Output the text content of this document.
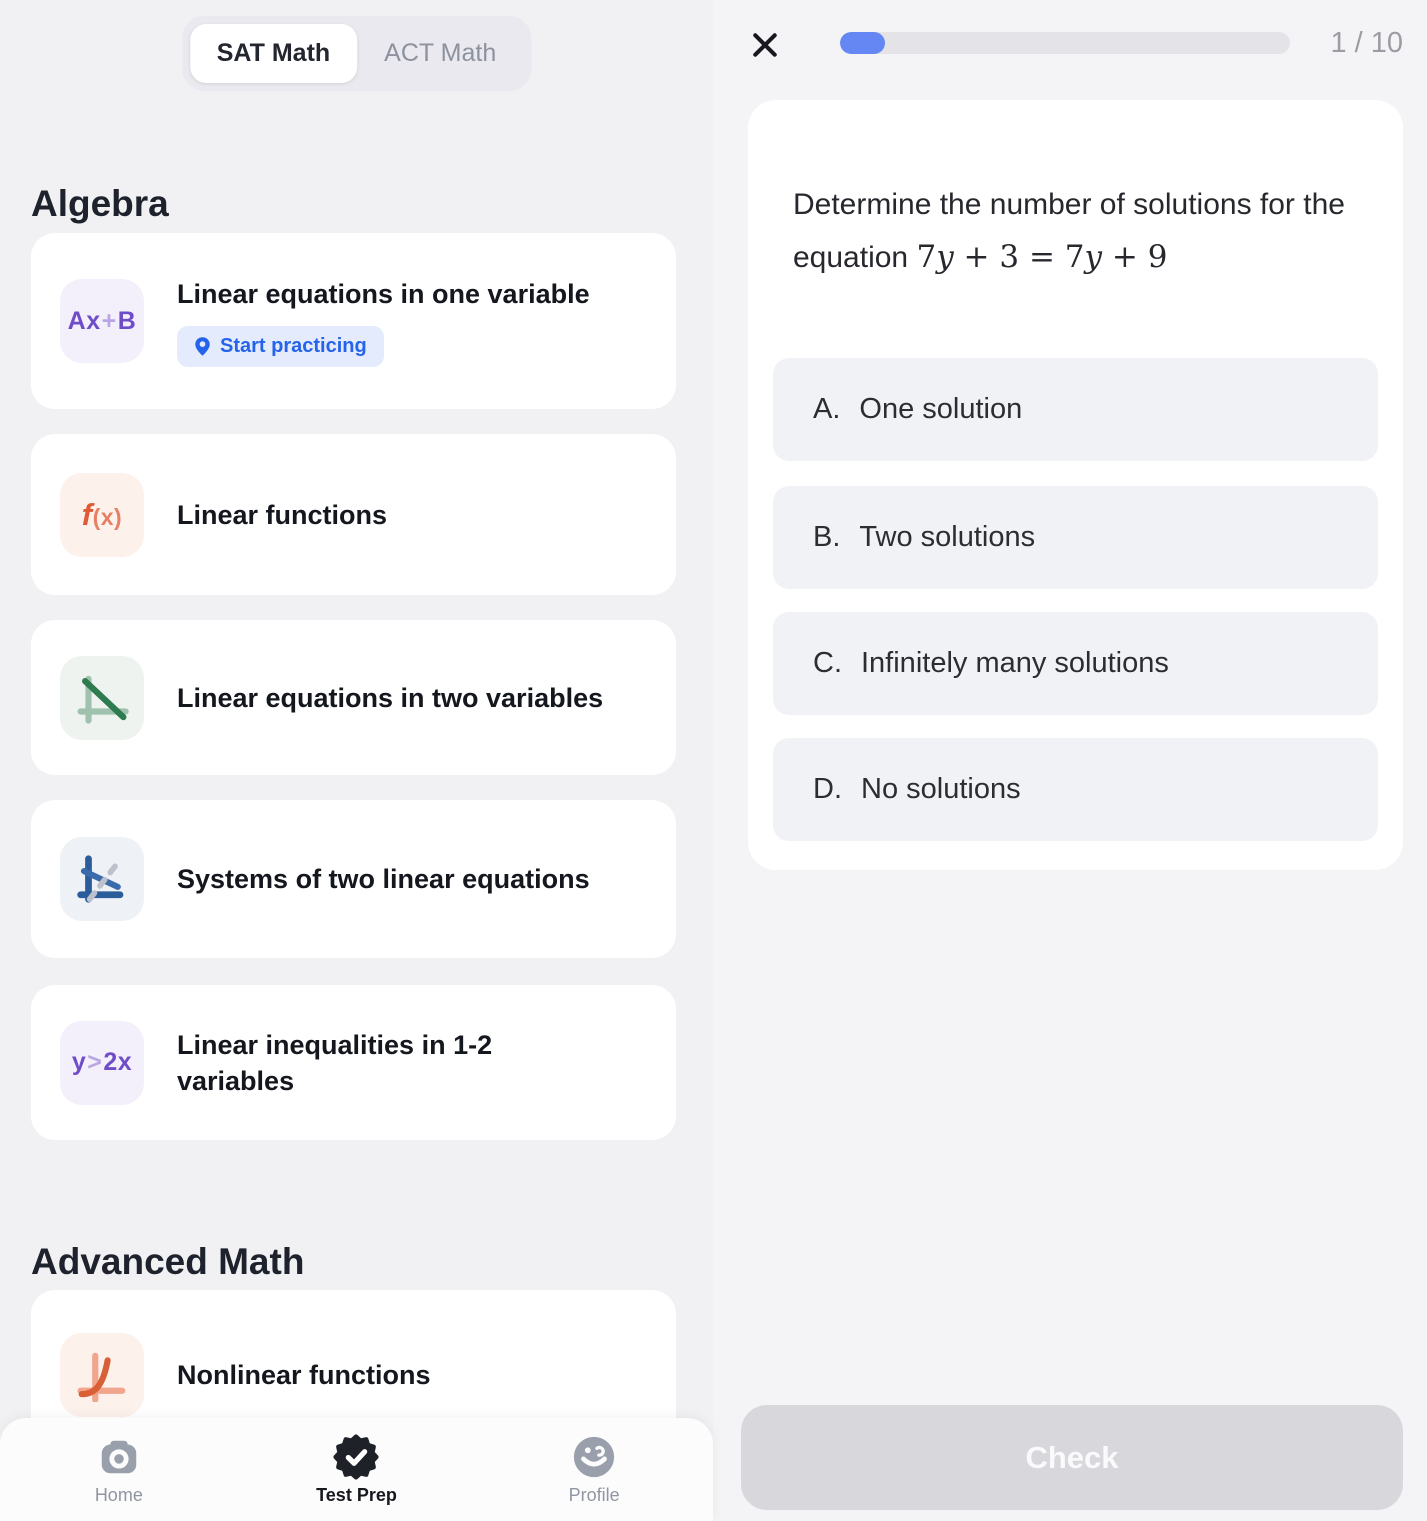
SAT Math	ACT Math
Algebra
Ax+B
Linear equations in one variable
Start practicing
f(x) Linear functions
Linear equations in two variables
Systems of two linear equations
y>2x
Linear inequalities in 1-2 variables
Advanced Math
Nonlinear functions
Home	Test Prep	Profile
1 / 10
Determine the number of solutions for the equation 7y + 3 = 7y + 9
A. One solution
B. Two solutions
C. Infinitely many solutions
D. No solutions
Check
